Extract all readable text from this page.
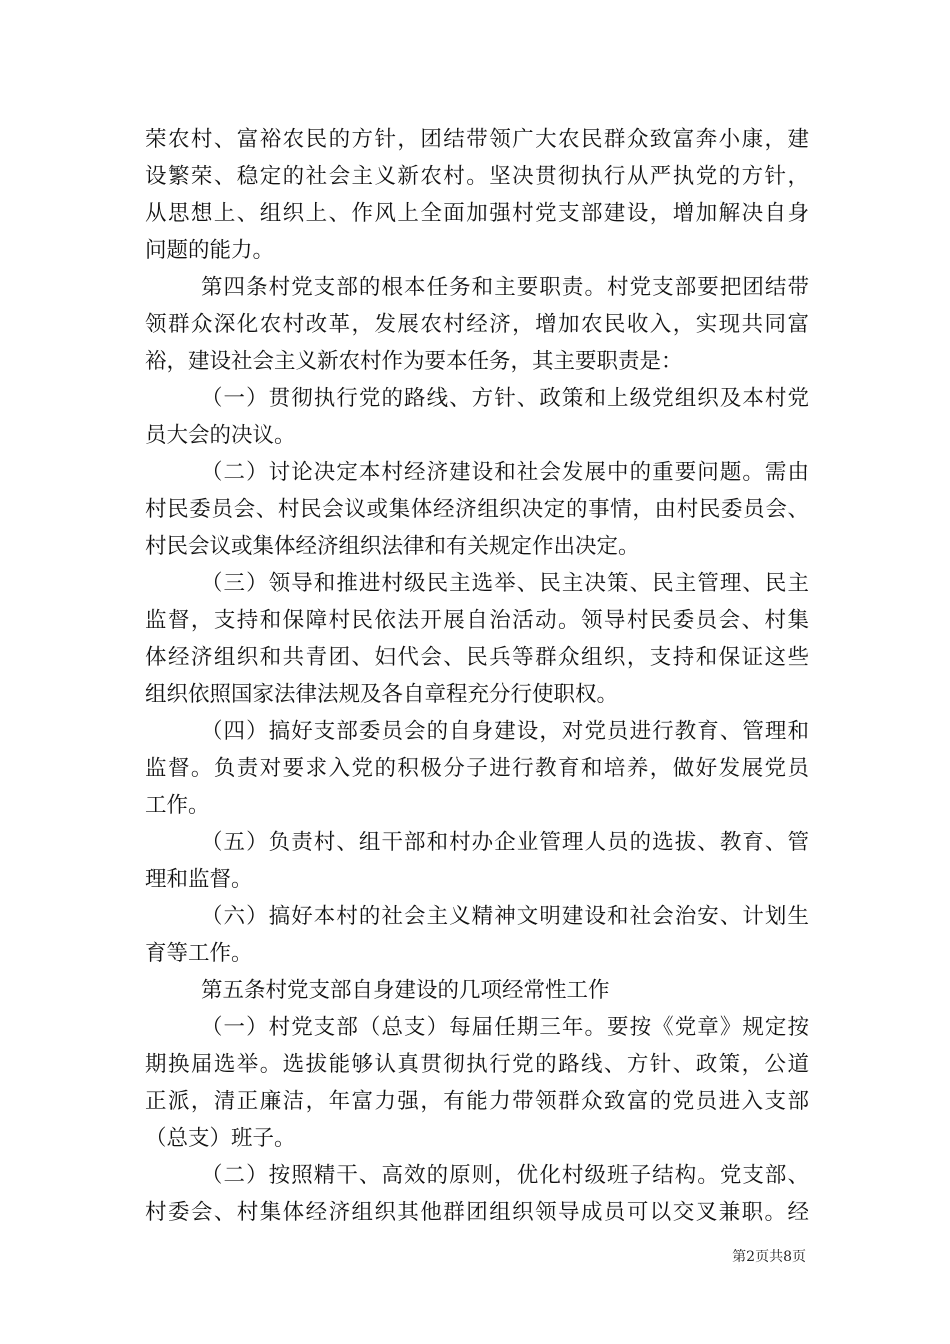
荣农村、富裕农民的方针，团结带领广大农民群众致富奔小康，建
设繁荣、稳定的社会主义新农村。坚决贯彻执行从严执党的方针，
从思想上、组织上、作风上全面加强村党支部建设，增加解决自身
问题的能力。
第四条村党支部的根本任务和主要职责。村党支部要把团结带
领群众深化农村改革，发展农村经济，增加农民收入，实现共同富
裕，建设社会主义新农村作为要本任务，其主要职责是：
（一）贯彻执行党的路线、方针、政策和上级党组织及本村党
员大会的决议。
（二）讨论决定本村经济建设和社会发展中的重要问题。需由
村民委员会、村民会议或集体经济组织决定的事情，由村民委员会、
村民会议或集体经济组织法律和有关规定作出决定。
（三）领导和推进村级民主选举、民主决策、民主管理、民主
监督，支持和保障村民依法开展自治活动。领导村民委员会、村集
体经济组织和共青团、妇代会、民兵等群众组织，支持和保证这些
组织依照国家法律法规及各自章程充分行使职权。
（四）搞好支部委员会的自身建设，对党员进行教育、管理和
监督。负责对要求入党的积极分子进行教育和培养，做好发展党员
工作。
（五）负责村、组干部和村办企业管理人员的选拔、教育、管
理和监督。
（六）搞好本村的社会主义精神文明建设和社会治安、计划生
育等工作。
第五条村党支部自身建设的几项经常性工作
（一）村党支部（总支）每届任期三年。要按《党章》规定按
期换届选举。选拔能够认真贯彻执行党的路线、方针、政策，公道
正派，清正廉洁，年富力强，有能力带领群众致富的党员进入支部
（总支）班子。
（二）按照精干、高效的原则，优化村级班子结构。党支部、
村委会、村集体经济组织其他群团组织领导成员可以交叉兼职。经
第2页共8页
